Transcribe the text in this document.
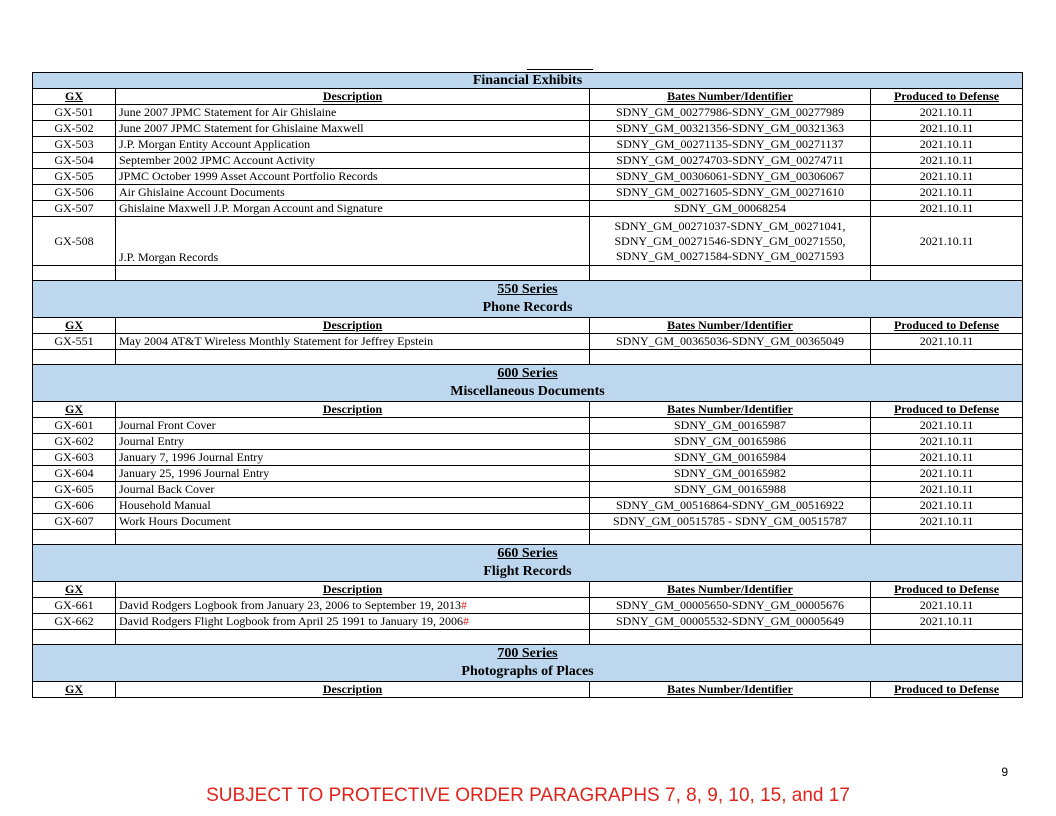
Financial Exhibits			
GX	Description	Bates Number/Identifier	Produced to Defense
GX-501	June 2007 JPMC Statement for Air Ghislaine	SDNY_GM_00277986-SDNY_GM_00277989	2021.10.11
GX-502	June 2007 JPMC Statement for Ghislaine Maxwell	SDNY_GM_00321356-SDNY_GM_00321363	2021.10.11
GX-503	J.P. Morgan Entity Account Application	SDNY_GM_00271135-SDNY_GM_00271137	2021.10.11
GX-504	September 2002 JPMC Account Activity	SDNY_GM_00274703-SDNY_GM_00274711	2021.10.11
GX-505	JPMC October 1999 Asset Account Portfolio Records	SDNY_GM_00306061-SDNY_GM_00306067	2021.10.11
GX-506	Air Ghislaine Account Documents	SDNY_GM_00271605-SDNY_GM_00271610	2021.10.11
GX-507	Ghislaine Maxwell J.P. Morgan Account and Signature	SDNY_GM_00068254	2021.10.11
GX-508	J.P. Morgan Records	SDNY_GM_00271037-SDNY_GM_00271041,
SDNY_GM_00271546-SDNY_GM_00271550,
SDNY_GM_00271584-SDNY_GM_00271593	2021.10.11

550 Series
Phone Records			
GX	Description	Bates Number/Identifier	Produced to Defense
GX-551	May 2004 AT&T Wireless Monthly Statement for Jeffrey Epstein	SDNY_GM_00365036-SDNY_GM_00365049	2021.10.11

600 Series
Miscellaneous Documents			
GX	Description	Bates Number/Identifier	Produced to Defense
GX-601	Journal Front Cover	SDNY_GM_00165987	2021.10.11
GX-602	Journal Entry	SDNY_GM_00165986	2021.10.11
GX-603	January 7, 1996 Journal Entry	SDNY_GM_00165984	2021.10.11
GX-604	January 25, 1996 Journal Entry	SDNY_GM_00165982	2021.10.11
GX-605	Journal Back Cover	SDNY_GM_00165988	2021.10.11
GX-606	Household Manual	SDNY_GM_00516864-SDNY_GM_00516922	2021.10.11
GX-607	Work Hours Document	SDNY_GM_00515785 - SDNY_GM_00515787	2021.10.11

660 Series
Flight Records			
GX	Description	Bates Number/Identifier	Produced to Defense
GX-661	David Rodgers Logbook from January 23, 2006 to September 19, 2013#	SDNY_GM_00005650-SDNY_GM_00005676	2021.10.11
GX-662	David Rodgers Flight Logbook from April 25 1991 to January 19, 2006#	SDNY_GM_00005532-SDNY_GM_00005649	2021.10.11

700 Series
Photographs of Places			
GX	Description	Bates Number/Identifier	Produced to Defense
9
SUBJECT TO PROTECTIVE ORDER PARAGRAPHS 7, 8, 9, 10, 15, and 17
